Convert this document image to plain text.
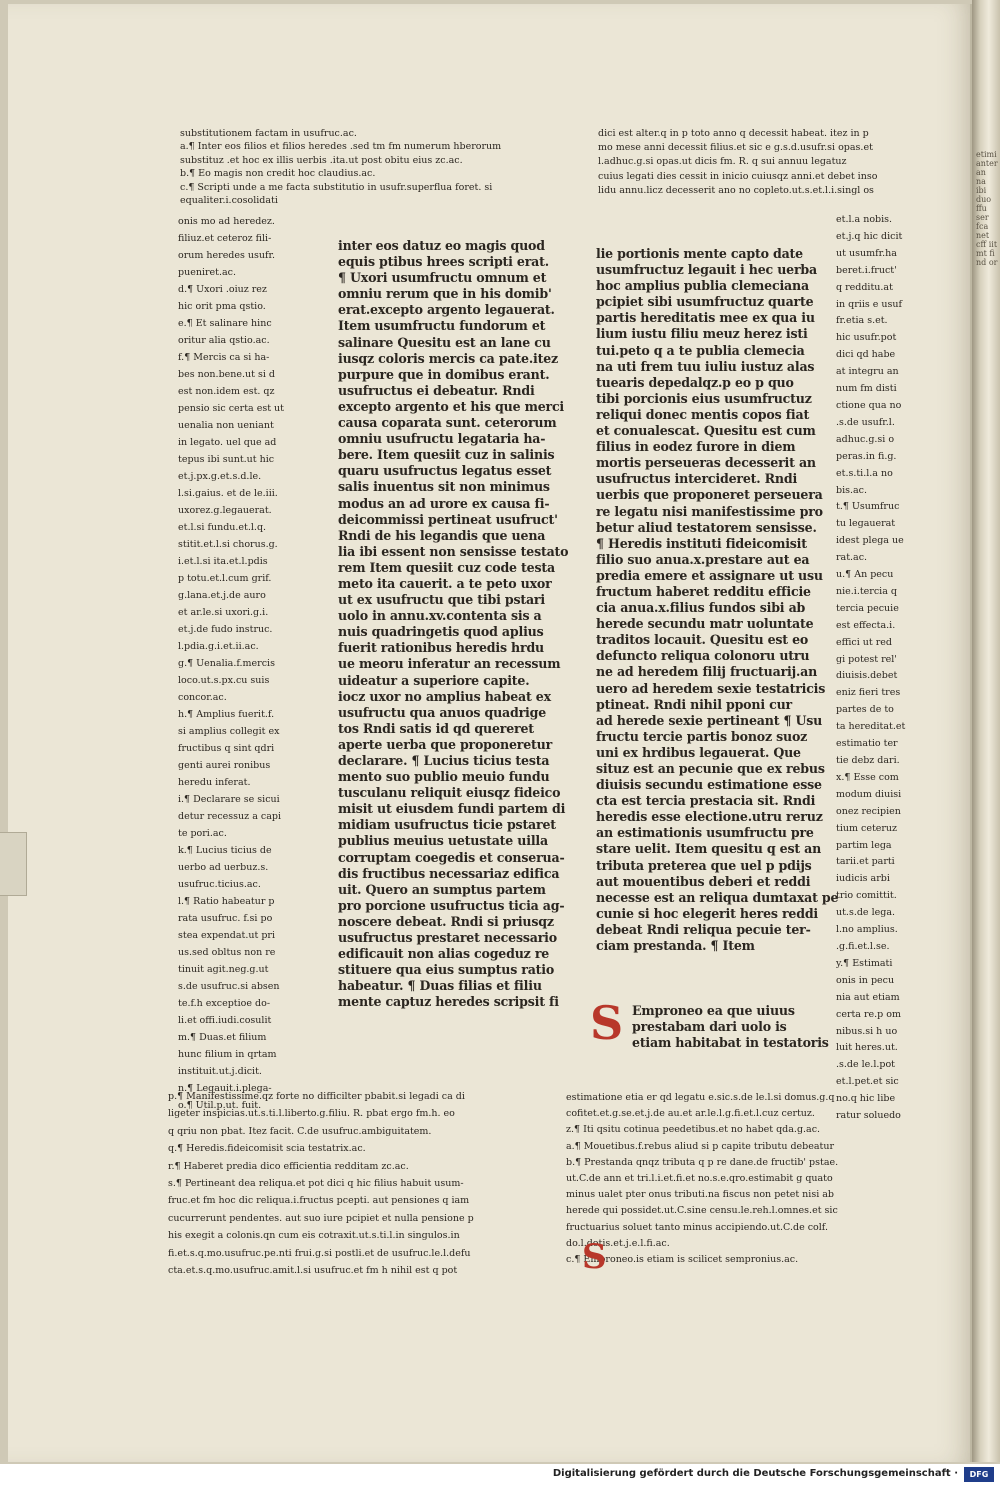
etimi anter an na ibi duo ffu ser fca net cff iit mt fi nd or
substitutionem factam in usufruc.ac.
a.¶ Inter eos filios et filios heredes .sed tm fm numerum hberorum
substituz .et hoc ex illis uerbis .ita.ut post obitu eius zc.ac.
b.¶ Eo magis non credit hoc claudius.ac.
c.¶ Scripti unde a me facta substitutio in usufr.superflua foret. si
equaliter.i.cosolidati
onis mo ad heredez.
filiuz.et ceteroz fili-
orum heredes usufr.
pueniret.ac.
d.¶ Uxori .oiuz rez
hic orit pma qstio.
e.¶ Et salinare hinc
oritur alia qstio.ac.
f.¶ Mercis ca si ha-
bes non.bene.ut si d
est non.idem est. qz
pensio sic certa est ut
uenalia non ueniant
in legato. uel que ad
tepus ibi sunt.ut hic
et.j.px.g.et.s.d.le.
l.si.gaius. et de le.iii.
uxorez.g.legauerat.
et.l.si fundu.et.l.q.
stitit.et.l.si chorus.g.
i.et.l.si ita.et.l.pdis
p totu.et.l.cum grif.
g.lana.et.j.de auro
et ar.le.si uxori.g.i.
et.j.de fudo instruc.
l.pdia.g.i.et.ii.ac.
g.¶ Uenalia.f.mercis
loco.ut.s.px.cu suis
concor.ac.
h.¶ Amplius fuerit.f.
si amplius collegit ex
fructibus q sint qdri
genti aurei ronibus
heredu inferat.
i.¶ Declarare se sicui
detur recessuz a capi
te pori.ac.
k.¶ Lucius ticius de
uerbo ad uerbuz.s.
usufruc.ticius.ac.
l.¶ Ratio habeatur p
rata usufruc. f.si po
stea expendat.ut pri
us.sed obltus non re
tinuit agit.neg.g.ut
s.de usufruc.si absen
te.f.h exceptioe do-
li.et offi.iudi.cosulit
m.¶ Duas.et filium
hunc filium in qrtam
instituit.ut.j.dicit.
n.¶ Legauit.i.plega-
o.¶ Util.p.ut. fuit.
inter eos datuz eo magis quod
equis ptibus hrees scripti erat.
¶ Uxori usumfructu omnum et
omniu rerum que in his domib'
erat.excepto argento legauerat.
Item usumfructu fundorum et
salinare Quesitu est an lane cu
iusqz coloris mercis ca pate.itez
purpure que in domibus erant.
usufructus ei debeatur. Rndi
excepto argento et his que merci
causa coparata sunt. ceterorum
omniu usufructu legataria ha-
bere. Item quesiit cuz in salinis
quaru usufructus legatus esset
salis inuentus sit non minimus
modus an ad urore ex causa fi-
deicommissi pertineat usufruct'
Rndi de his legandis que uena
lia ibi essent non sensisse testato
rem Item quesiit cuz code testa
meto ita cauerit. a te peto uxor
ut ex usufructu que tibi pstari
uolo in annu.xv.contenta sis a
nuis quadringetis quod aplius
fuerit rationibus heredis hrdu
ue meoru inferatur an recessum
uideatur a superiore capite.
iocz uxor no amplius habeat ex
usufructu qua anuos quadrige
tos Rndi satis id qd quereret
aperte uerba que proponeretur
declarare. ¶ Lucius ticius testa
mento suo publio meuio fundu
tusculanu reliquit eiusqz fideico
misit ut eiusdem fundi partem di
midiam usufructus ticie pstaret
publius meuius uetustate uilla
corruptam coegedis et conserua-
dis fructibus necessariaz edifica
uit. Quero an sumptus partem
pro porcione usufructus ticia ag-
noscere debeat. Rndi si priusqz
usufructus prestaret necessario
edificauit non alias cogeduz re
stituere qua eius sumptus ratio
habeatur. ¶ Duas filias et filiu
mente captuz heredes scripsit fi
dici est alter.q in p toto anno q decessit habeat. itez in p
mo mese anni decessit filius.et sic e g.s.d.usufr.si opas.et
l.adhuc.g.si opas.ut dicis fm. R. q sui annuu legatuz
cuius legati dies cessit in inicio cuiusqz anni.et debet inso
lidu annu.licz decesserit ano no copleto.ut.s.et.l.i.singl os
lie portionis mente capto date
usumfructuz legauit i hec uerba
hoc amplius publia clemeciana
pcipiet sibi usumfructuz quarte
partis hereditatis mee ex qua iu
lium iustu filiu meuz herez isti
tui.peto q a te publia clemecia
na uti frem tuu iuliu iustuz alas
tuearis depedalqz.p eo p quo
tibi porcionis eius usumfructuz
reliqui donec mentis copos fiat
et conualescat. Quesitu est cum
filius in eodez furore in diem
mortis perseueras decesserit an
usufructus intercideret. Rndi
uerbis que proponeret perseuera
re legatu nisi manifestissime pro
betur aliud testatorem sensisse.
¶ Heredis instituti fideicomisit
filio suo anua.x.prestare aut ea
predia emere et assignare ut usu
fructum haberet redditu efficie
cia anua.x.filius fundos sibi ab
herede secundu matr uoluntate
traditos locauit. Quesitu est eo
defuncto reliqua colonoru utru
ne ad heredem filij fructuarij.an
uero ad heredem sexie testatricis
ptineat. Rndi nihil pponi cur
ad herede sexie pertineant ¶ Usu
fructu tercie partis bonoz suoz
uni ex hrdibus legauerat. Que
situz est an pecunie que ex rebus
diuisis secundu estimatione esse
cta est tercia prestacia sit. Rndi
heredis esse electione.utru reruz
an estimationis usumfructu pre
stare uelit. Item quesitu q est an
tributa preterea que uel p pdijs
aut mouentibus deberi et reddi
necesse est an reliqua dumtaxat pe
cunie si hoc elegerit heres reddi
debeat Rndi reliqua pecuie ter-
ciam prestanda. ¶ Item
Emproneo ea que uiuus
prestabam dari uolo is
etiam habitabat in testatoris
et.l.a nobis.
et.j.q hic dicit
ut usumfr.ha
beret.i.fruct'
q redditu.at
in qriis e usuf
fr.etia s.et.
hic usufr.pot
dici qd habe
at integru an
num fm disti
ctione qua no
.s.de usufr.l.
adhuc.g.si o
peras.in fi.g.
et.s.ti.l.a no
bis.ac.
t.¶ Usumfruc
tu legauerat
idest plega ue
rat.ac.
u.¶ An pecu
nie.i.tercia q
tercia pecuie
est effecta.i.
effici ut red
gi potest rel'
diuisis.debet
eniz fieri tres
partes de to
ta hereditat.et
estimatio ter
tie debz dari.
x.¶ Esse com
modum diuisi
onez recipien
tium ceteruz
partim lega
tarii.et parti
iudicis arbi
trio comittit.
ut.s.de lega.
l.no amplius.
.g.fi.et.l.se.
y.¶ Estimati
onis in pecu
nia aut etiam
certa re.p om
nibus.si h uo
luit heres.ut.
.s.de le.l.pot
et.l.pet.et sic
no.q hic libe
ratur soluedo
p.¶ Manifestissime.qz forte no difficilter pbabit.si legadi ca di
ligeter inspicias.ut.s.ti.l.liberto.g.filiu. R. pbat ergo fm.h. eo
q qriu non pbat. Itez facit. C.de usufruc.ambiguitatem.
q.¶ Heredis.fideicomisit scia testatrix.ac.
r.¶ Haberet predia dico efficientia redditam zc.ac.
s.¶ Pertineant dea reliqua.et pot dici q hic filius habuit usum-
fruc.et fm hoc dic reliqua.i.fructus pcepti. aut pensiones q iam
cucurrerunt pendentes. aut suo iure pcipiet et nulla pensione p
his exegit a colonis.qn cum eis cotraxit.ut.s.ti.l.in singulos.in
fi.et.s.q.mo.usufruc.pe.nti frui.g.si postli.et de usufruc.le.l.defu
cta.et.s.q.mo.usufruc.amit.l.si usufruc.et fm h nihil est q pot
estimatione etia er qd legatu e.sic.s.de le.l.si domus.g.q
cofitet.et.g.se.et.j.de au.et ar.le.l.g.fi.et.l.cuz certuz.
z.¶ Iti qsitu cotinua peedetibus.et no habet qda.g.ac.
a.¶ Mouetibus.f.rebus aliud si p capite tributu debeatur
b.¶ Prestanda qnqz tributa q p re dane.de fructib' pstae.
ut.C.de ann et tri.l.i.et.fi.et no.s.e.qro.estimabit g quato
minus ualet pter onus tributi.na fiscus non petet nisi ab
herede qui possidet.ut.C.sine censu.le.reh.l.omnes.et sic
fructuarius soluet tanto minus accipiendo.ut.C.de colf.
do.l.dotis.et.j.e.l.fi.ac.
c.¶ Emproneo.is etiam is scilicet sempronius.ac.
S
S
Digitalisierung gefördert durch die Deutsche Forschungsgemeinschaft ·	DFG
